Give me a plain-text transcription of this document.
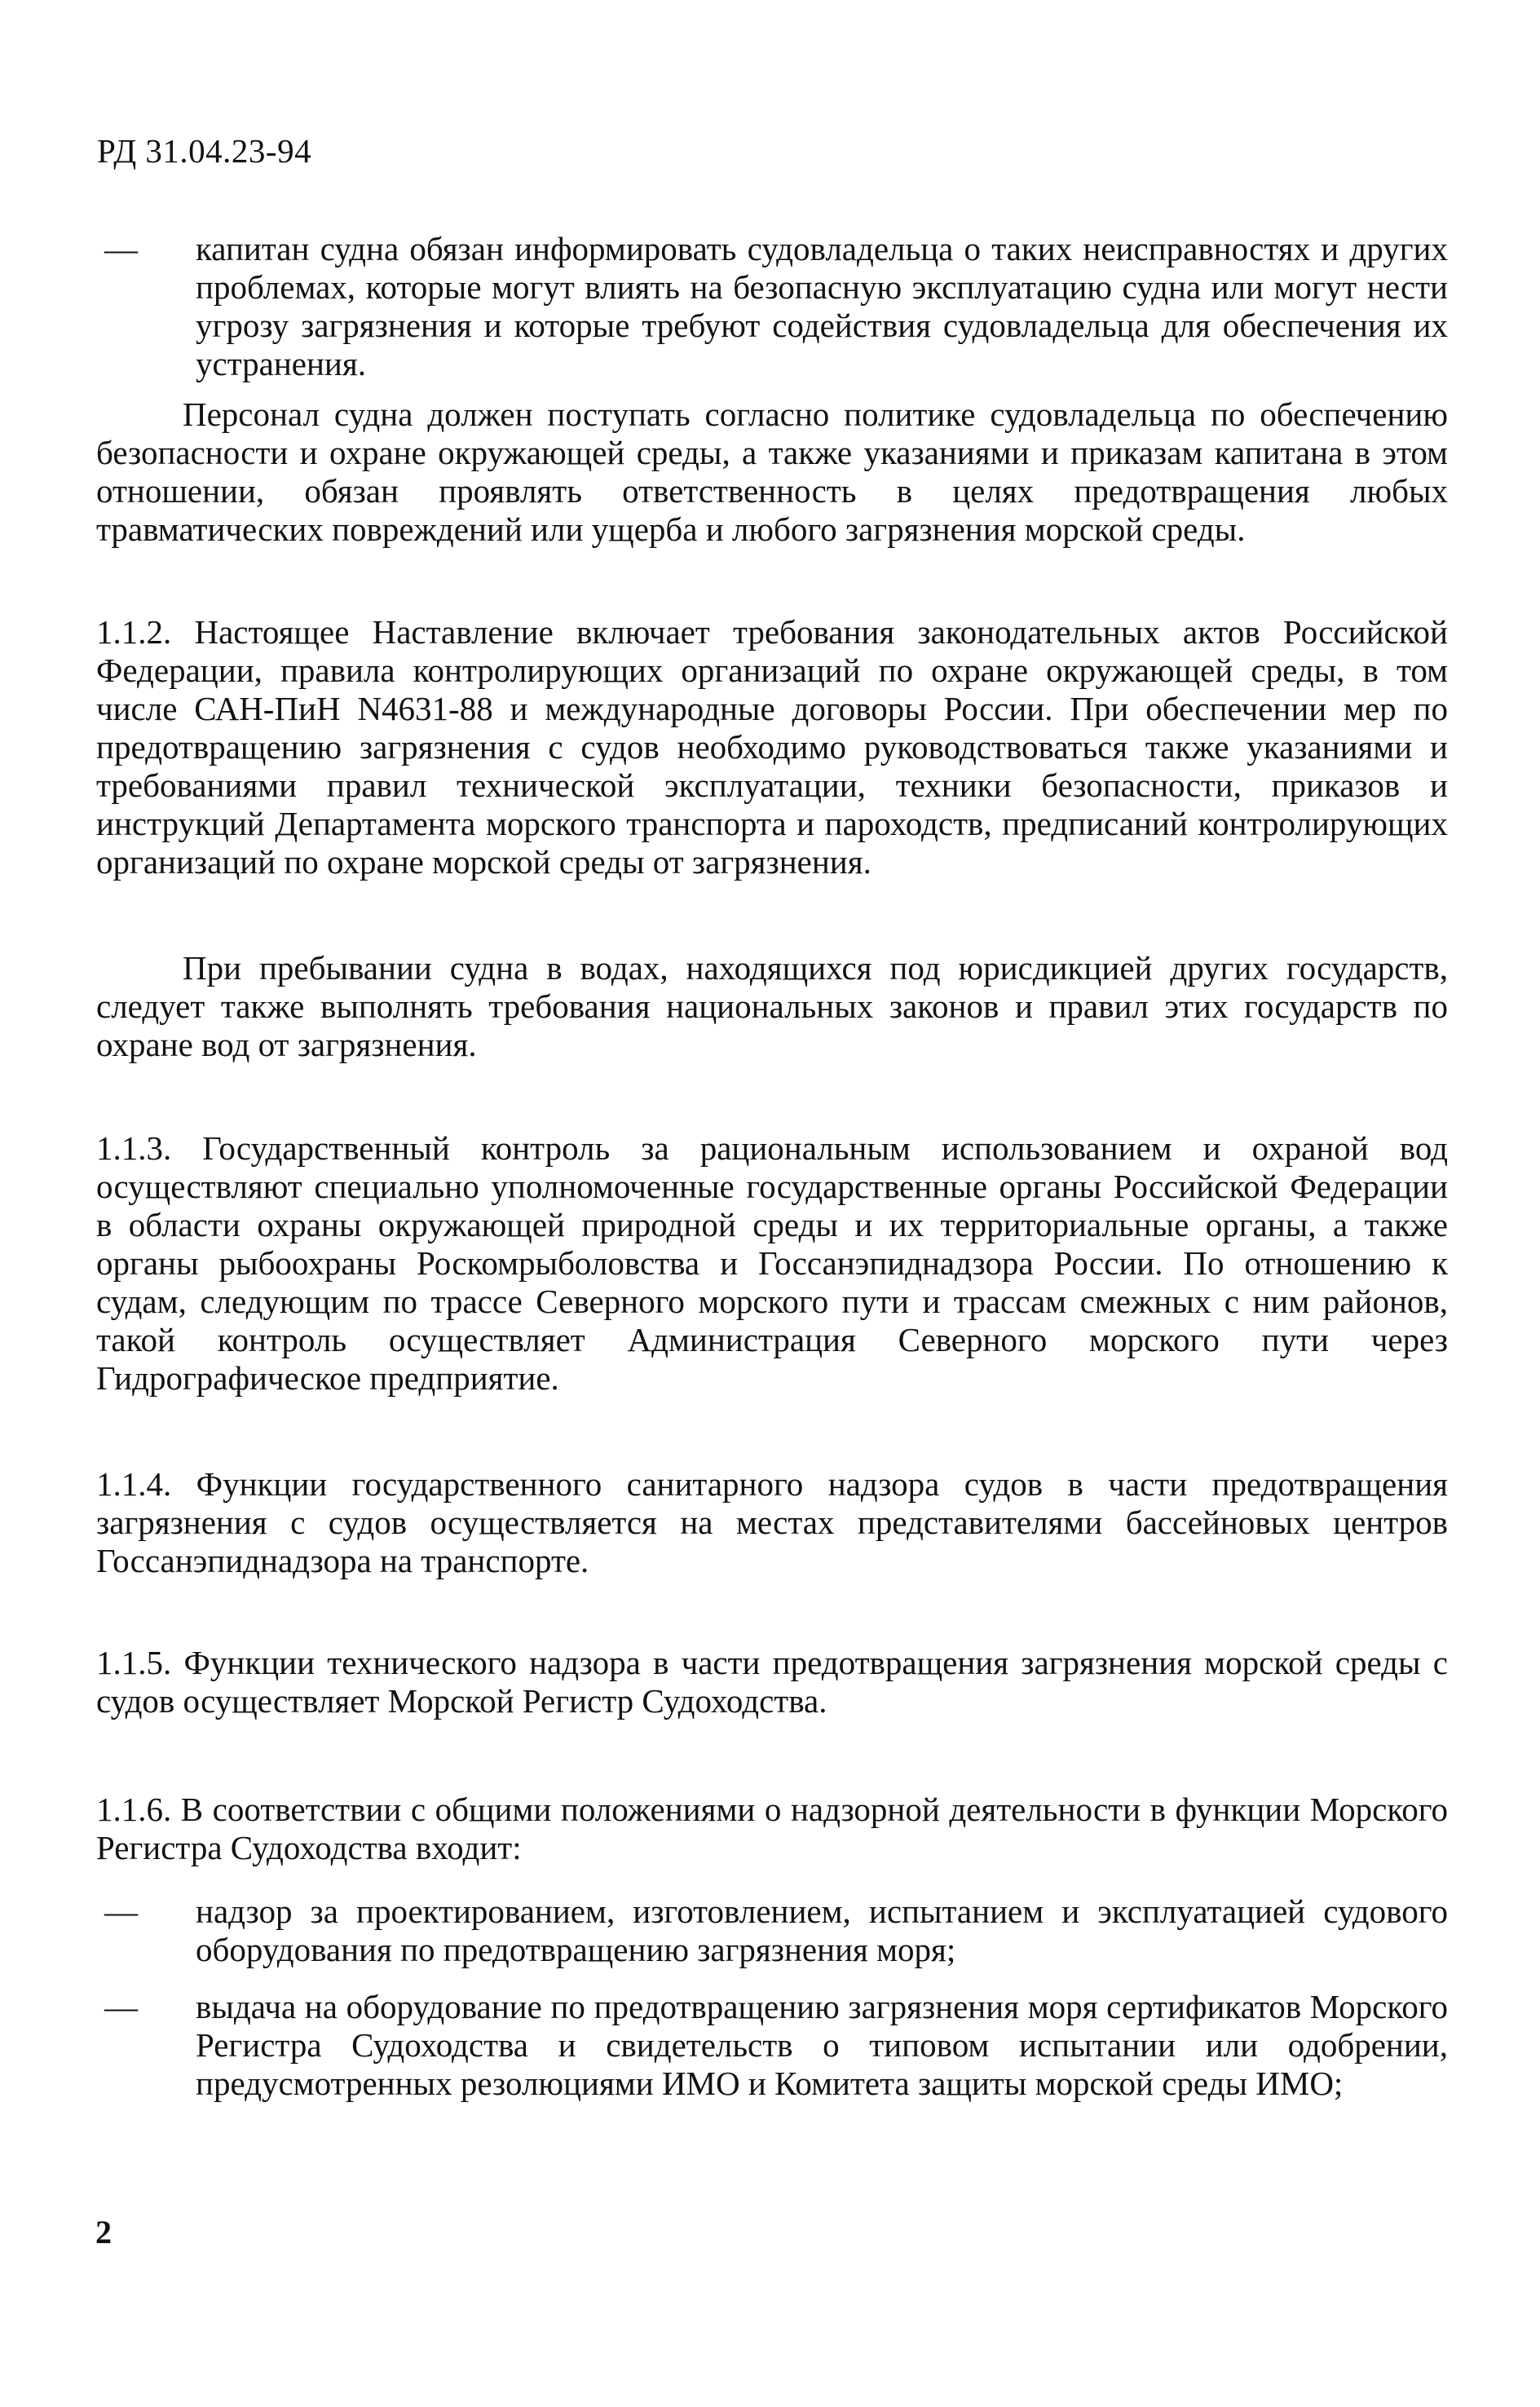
РД 31.04.23-94
—	капитан судна обязан информировать судовладельца о таких неисправностях и других проблемах, которые могут влиять на безопасную эксплуатацию судна или могут нести угрозу загрязнения и которые требуют содействия судовладельца для обеспечения их устранения.

Персонал судна должен поступать согласно политике судовладельца по обеспечению безопасности и охране окружающей среды, а также указаниями и приказам капитана в этом отношении, обязан проявлять ответственность в целях предотвращения любых травматических повреждений или ущерба и любого загрязнения морской среды.

1.1.2. Настоящее Наставление включает требования законодательных актов Российской Федерации, правила контролирующих организаций по охране окружающей среды, в том числе САН-ПиН N4631-88 и международные договоры России. При обеспечении мер по предотвращению загрязнения с судов необходимо руководствоваться также указаниями и требованиями правил технической эксплуатации, техники безопасности, приказов и инструкций Департамента морского транспорта и пароходств, предписаний контролирующих организаций по охране морской среды от загрязнения.

При пребывании судна в водах, находящихся под юрисдикцией других государств, следует также выполнять требования национальных законов и правил этих государств по охране вод от загрязнения.

1.1.3. Государственный контроль за рациональным использованием и охраной вод осуществляют специально уполномоченные государственные органы Российской Федерации в области охраны окружающей природной среды и их территориальные органы, а также органы рыбоохраны Роскомрыболовства и Госсанэпиднадзора России. По отношению к судам, следующим по трассе Северного морского пути и трассам смежных с ним районов, такой контроль осуществляет Администрация Северного морского пути через Гидрографическое предприятие.

1.1.4. Функции государственного санитарного надзора судов в части предотвращения загрязнения с судов осуществляется на местах представителями бассейновых центров Госсанэпиднадзора на транспорте.

1.1.5. Функции технического надзора в части предотвращения загрязнения морской среды с судов осуществляет Морской Регистр Судоходства.

1.1.6. В соответствии с общими положениями о надзорной деятельности в функции Морского Регистра Судоходства входит:

—	надзор за проектированием, изготовлением, испытанием и эксплуатацией судового оборудования по предотвращению загрязнения моря;

—	выдача на оборудование по предотвращению загрязнения моря сертификатов Морского Регистра Судоходства и свидетельств о типовом испытании или одобрении, предусмотренных резолюциями ИМО и Комитета защиты морской среды ИМО;

2
